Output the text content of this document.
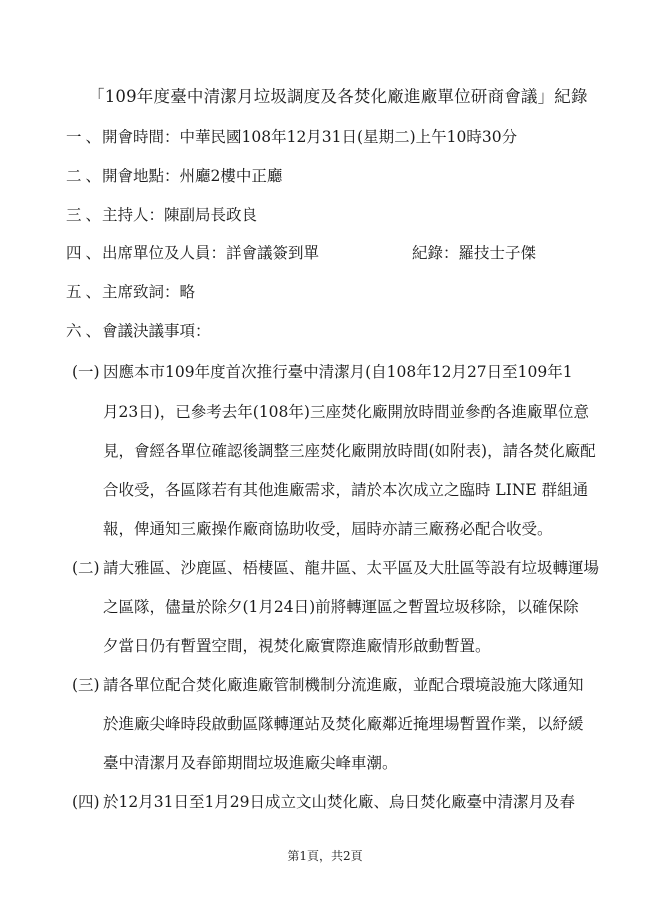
「109年度臺中清潔月垃圾調度及各焚化廠進廠單位研商會議」紀錄
一、開會時間：中華民國108年12月31日(星期二)上午10時30分
二、開會地點：州廳2樓中正廳
三、主持人：陳副局長政良
四、出席單位及人員：詳會議簽到單	紀錄：羅技士子傑
五、主席致詞：略
六、會議決議事項：
(一) 因應本市109年度首次推行臺中清潔月(自108年12月27日至109年1
月23日)，已參考去年(108年)三座焚化廠開放時間並參酌各進廠單位意
見，會經各單位確認後調整三座焚化廠開放時間(如附表)，請各焚化廠配
合收受，各區隊若有其他進廠需求，請於本次成立之臨時 LINE 群組通
報，俾通知三廠操作廠商協助收受，屆時亦請三廠務必配合收受。
(二) 請大雅區、沙鹿區、梧棲區、龍井區、太平區及大肚區等設有垃圾轉運場
之區隊，儘量於除夕(1月24日)前將轉運區之暫置垃圾移除，以確保除
夕當日仍有暫置空間，視焚化廠實際進廠情形啟動暫置。
(三) 請各單位配合焚化廠進廠管制機制分流進廠，並配合環境設施大隊通知
於進廠尖峰時段啟動區隊轉運站及焚化廠鄰近掩埋場暫置作業，以紓緩
臺中清潔月及春節期間垃圾進廠尖峰車潮。
(四) 於12月31日至1月29日成立文山焚化廠、烏日焚化廠臺中清潔月及春
第1頁，共2頁
